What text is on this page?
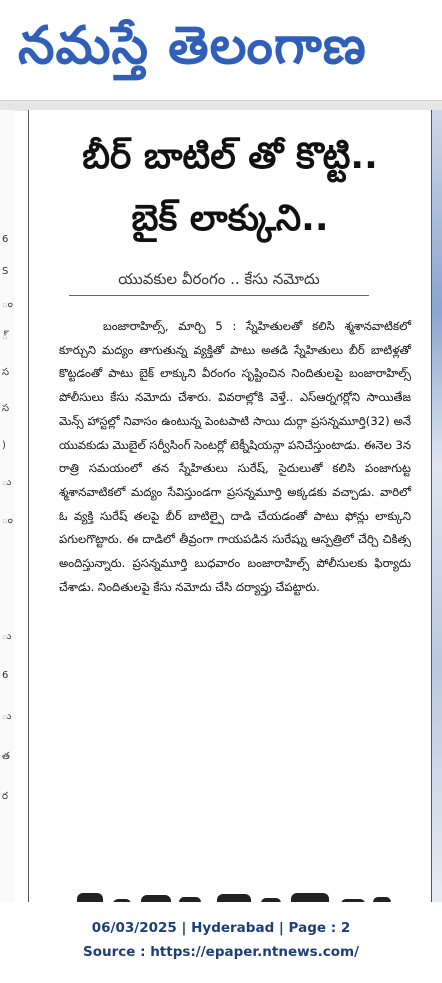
నమస్తే తెలంగాణ
6
S
ం
్
స
స
)
ు
ం
ు
6
ు
త
ర
బీర్ బాటిల్ తో కొట్టి..
బైక్ లాక్కుని..
యువకుల వీరంగం .. కేసు నమోదు
బంజారాహిల్స్, మార్చి 5 : స్నేహితులతో కలిసి శ్మశానవాటికలో కూర్చుని మద్యం తాగుతున్న వ్యక్తితో పాటు అతడి స్నేహితులు బీర్ బాటిళ్లతో కొట్టడంతో పాటు బైక్ లాక్కుని వీరంగం సృష్టించిన నిందితులపై బంజారాహిల్స్ పోలీసులు కేసు నమోదు చేశారు. వివరాల్లోకి వెళ్తే.. ఎస్ఆర్నగర్లోని సాయితేజ మెన్స్ హాస్టల్లో నివాసం ఉంటున్న పెంటపాటి సాయి దుర్గా ప్రసన్నమూర్తి(32) అనే యువకుడు మొబైల్ సర్వీసింగ్ సెంటర్లో టెక్నీషియన్గా పనిచేస్తుంటాడు. ఈనెల 3న రాత్రి సమయంలో తన స్నేహితులు సురేష్, సైదులుతో కలిసి పంజాగుట్ట శ్మశానవాటికలో మద్యం సేవిస్తుండగా ప్రసన్నమూర్తి అక్కడకు వచ్చాడు. వారిలో ఓ వ్యక్తి సురేష్ తలపై బీర్ బాటిల్పై దాడి చేయడంతో పాటు ఫోన్లు లాక్కుని పగులగొట్టారు. ఈ దాడిలో తీవ్రంగా గాయపడిన సురేష్ను ఆస్పత్రిలో చేర్చి చికిత్స అందిస్తున్నారు. ప్రసన్నమూర్తి బుధవారం బంజారాహిల్స్ పోలీసులకు ఫిర్యాదు చేశాడు. నిందితులపై కేసు నమోదు చేసి దర్యాప్తు చేపట్టారు.
06/03/2025 | Hyderabad | Page : 2
Source : https://epaper.ntnews.com/
